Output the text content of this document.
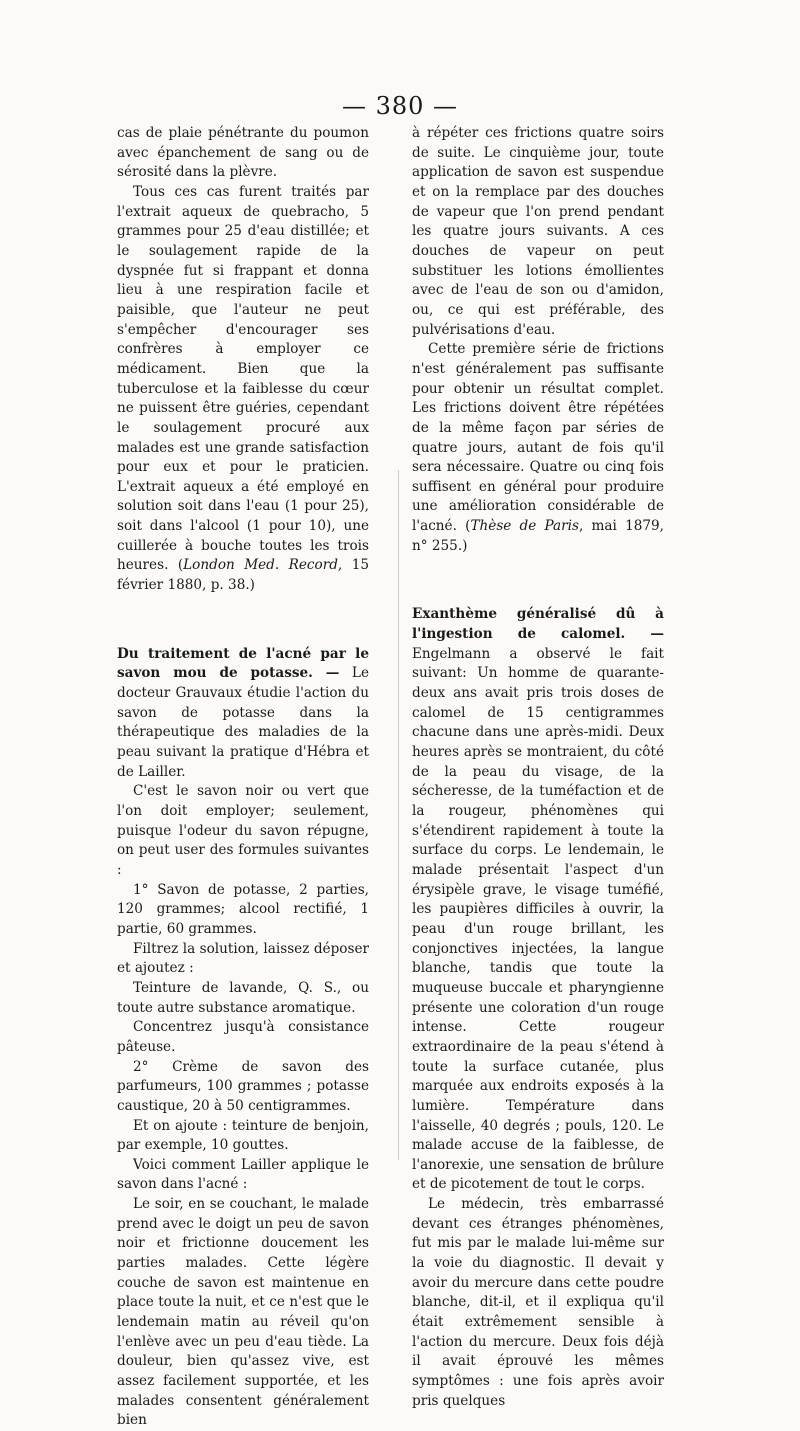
— 380 —

cas de plaie pénétrante du poumon avec épanchement de sang ou de sérosité dans la plèvre.

Tous ces cas furent traités par l'extrait aqueux de quebracho, 5 grammes pour 25 d'eau distillée; et le soulagement rapide de la dyspnée fut si frappant et donna lieu à une respiration facile et paisible, que l'auteur ne peut s'empêcher d'encourager ses confrères à employer ce médicament. Bien que la tuberculose et la faiblesse du cœur ne puissent être guéries, cependant le soulagement procuré aux malades est une grande satisfaction pour eux et pour le praticien. L'extrait aqueux a été employé en solution soit dans l'eau (1 pour 25), soit dans l'alcool (1 pour 10), une cuillerée à bouche toutes les trois heures. (London Med. Record, 15 février 1880, p. 38.)

Du traitement de l'acné par le savon mou de potasse. — Le docteur Grauvaux étudie l'action du savon de potasse dans la thérapeutique des maladies de la peau suivant la pratique d'Hébra et de Lailler.

C'est le savon noir ou vert que l'on doit employer; seulement, puisque l'odeur du savon répugne, on peut user des formules suivantes :

1° Savon de potasse, 2 parties, 120 grammes; alcool rectifié, 1 partie, 60 grammes.

Filtrez la solution, laissez déposer et ajoutez :

Teinture de lavande, Q. S., ou toute autre substance aromatique.

Concentrez jusqu'à consistance pâteuse.

2° Crème de savon des parfumeurs, 100 grammes ; potasse caustique, 20 à 50 centigrammes.

Et on ajoute : teinture de benjoin, par exemple, 10 gouttes.

Voici comment Lailler applique le savon dans l'acné :

Le soir, en se couchant, le malade prend avec le doigt un peu de savon noir et frictionne doucement les parties malades. Cette légère couche de savon est maintenue en place toute la nuit, et ce n'est que le lendemain matin au réveil qu'on l'enlève avec un peu d'eau tiède. La douleur, bien qu'assez vive, est assez facilement supportée, et les malades consentent généralement bien

à répéter ces frictions quatre soirs de suite. Le cinquième jour, toute application de savon est suspendue et on la remplace par des douches de vapeur que l'on prend pendant les quatre jours suivants. A ces douches de vapeur on peut substituer les lotions émollientes avec de l'eau de son ou d'amidon, ou, ce qui est préférable, des pulvérisations d'eau.

Cette première série de frictions n'est généralement pas suffisante pour obtenir un résultat complet. Les frictions doivent être répétées de la même façon par séries de quatre jours, autant de fois qu'il sera nécessaire. Quatre ou cinq fois suffisent en général pour produire une amélioration considérable de l'acné. (Thèse de Paris, mai 1879, n° 255.)

Exanthème généralisé dû à l'ingestion de calomel. — Engelmann a observé le fait suivant: Un homme de quarante-deux ans avait pris trois doses de calomel de 15 centigrammes chacune dans une après-midi. Deux heures après se montraient, du côté de la peau du visage, de la sécheresse, de la tuméfaction et de la rougeur, phénomènes qui s'étendirent rapidement à toute la surface du corps. Le lendemain, le malade présentait l'aspect d'un érysipèle grave, le visage tuméfié, les paupières difficiles à ouvrir, la peau d'un rouge brillant, les conjonctives injectées, la langue blanche, tandis que toute la muqueuse buccale et pharyngienne présente une coloration d'un rouge intense. Cette rougeur extraordinaire de la peau s'étend à toute la surface cutanée, plus marquée aux endroits exposés à la lumière. Température dans l'aisselle, 40 degrés ; pouls, 120. Le malade accuse de la faiblesse, de l'anorexie, une sensation de brûlure et de picotement de tout le corps.

Le médecin, très embarrassé devant ces étranges phénomènes, fut mis par le malade lui-même sur la voie du diagnostic. Il devait y avoir du mercure dans cette poudre blanche, dit-il, et il expliqua qu'il était extrêmement sensible à l'action du mercure. Deux fois déjà il avait éprouvé les mêmes symptômes : une fois après avoir pris quelques
